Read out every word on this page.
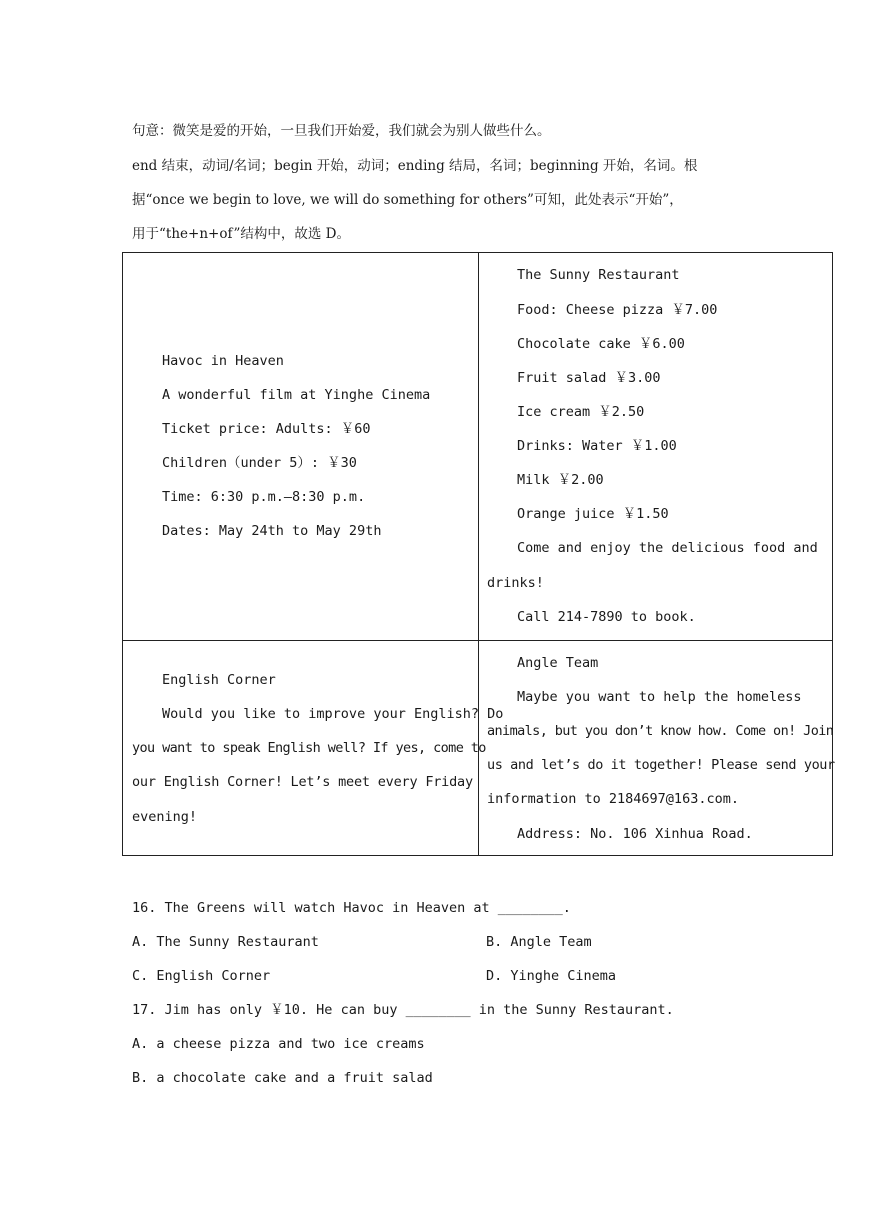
句意：微笑是爱的开始，一旦我们开始爱，我们就会为别人做些什么。
end 结束，动词/名词；begin 开始，动词；ending 结局，名词；beginning 开始，名词。根
据“once we begin to love, we will do something for others”可知，此处表示“开始”，
用于“the+n+of”结构中，故选 D。
Havoc in Heaven
A wonderful film at Yinghe Cinema
Ticket price: Adults: ￥60
Children（under 5）: ￥30
Time: 6:30 p.m.—8:30 p.m.
Dates: May 24th to May 29th
The Sunny Restaurant
Food: Cheese pizza ￥7.00
Chocolate cake ￥6.00
Fruit salad ￥3.00
Ice cream ￥2.50
Drinks: Water ￥1.00
Milk ￥2.00
Orange juice ￥1.50
Come and enjoy the delicious food and
drinks!
Call 214-7890 to book.
English Corner
Would you like to improve your English? Do
you want to speak English well? If yes, come to
our English Corner! Let’s meet every Friday
evening!
Angle Team
Maybe you want to help the homeless
animals, but you don’t know how. Come on! Join
us and let’s do it together! Please send your
information to 2184697@163.com.
Address: No. 106 Xinhua Road.
16. The Greens will watch Havoc in Heaven at ________.
A. The Sunny Restaurant	B. Angle Team
C. English Corner	D. Yinghe Cinema
17. Jim has only ￥10. He can buy ________ in the Sunny Restaurant.
A. a cheese pizza and two ice creams
B. a chocolate cake and a fruit salad
